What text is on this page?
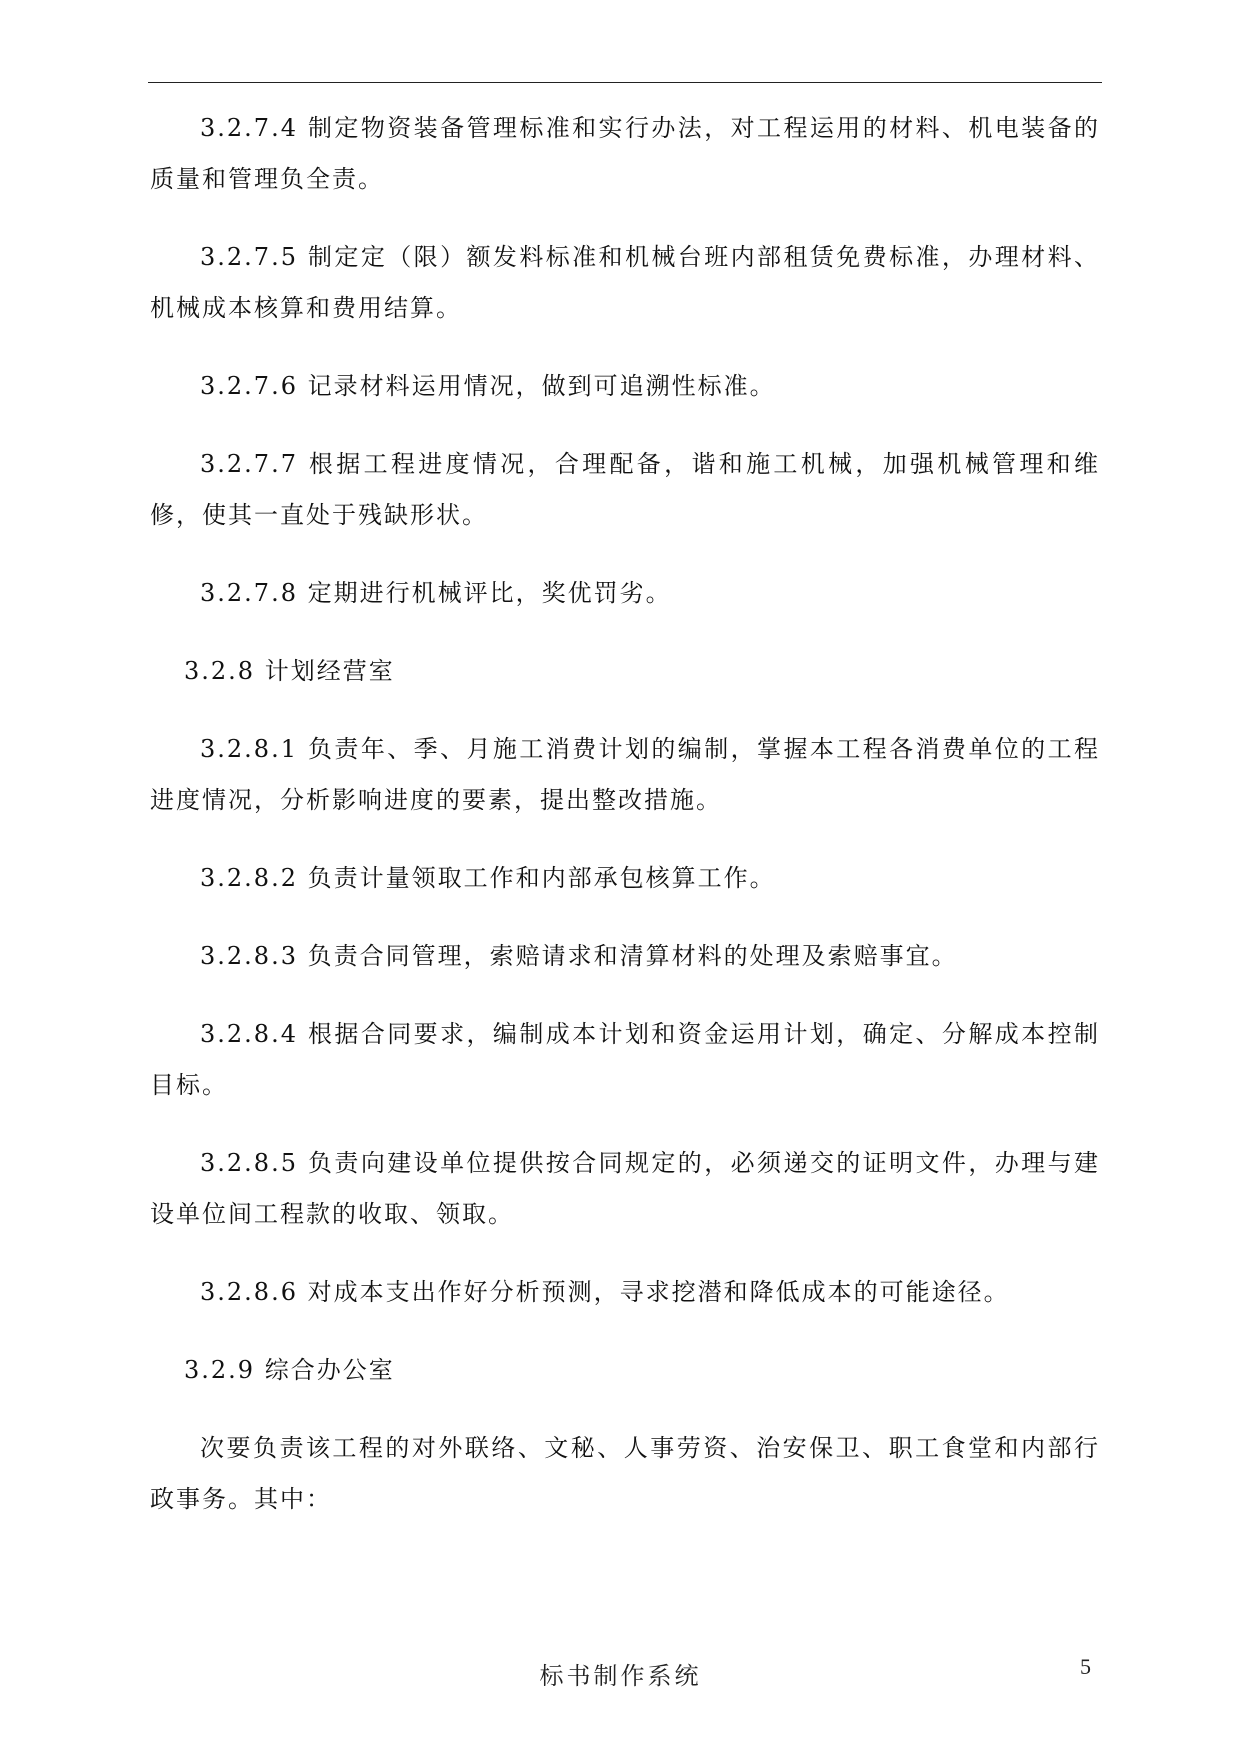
3.2.7.4 制定物资装备管理标准和实行办法，对工程运用的材料、机电装备的质量和管理负全责。

3.2.7.5 制定定（限）额发料标准和机械台班内部租赁免费标准，办理材料、机械成本核算和费用结算。

3.2.7.6 记录材料运用情况，做到可追溯性标准。

3.2.7.7 根据工程进度情况，合理配备，谐和施工机械，加强机械管理和维修，使其一直处于残缺形状。

3.2.7.8 定期进行机械评比，奖优罚劣。

3.2.8 计划经营室

3.2.8.1 负责年、季、月施工消费计划的编制，掌握本工程各消费单位的工程进度情况，分析影响进度的要素，提出整改措施。

3.2.8.2 负责计量领取工作和内部承包核算工作。

3.2.8.3 负责合同管理，索赔请求和清算材料的处理及索赔事宜。

3.2.8.4 根据合同要求，编制成本计划和资金运用计划，确定、分解成本控制目标。

3.2.8.5 负责向建设单位提供按合同规定的，必须递交的证明文件，办理与建设单位间工程款的收取、领取。

3.2.8.6 对成本支出作好分析预测，寻求挖潜和降低成本的可能途径。

3.2.9 综合办公室

次要负责该工程的对外联络、文秘、人事劳资、治安保卫、职工食堂和内部行政事务。其中：

标书制作系统	5
